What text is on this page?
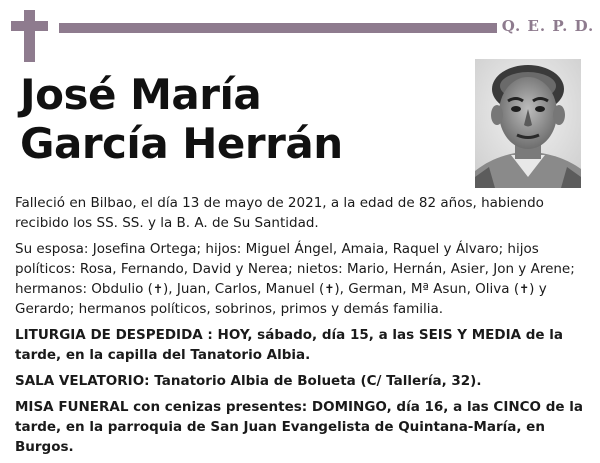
Q. E. P. D.
José María
García Herrán

Falleció en Bilbao, el día 13 de mayo de 2021, a la edad de 82 años, habiendo recibido los SS. SS. y la B. A. de Su Santidad.

Su esposa: Josefina Ortega; hijos: Miguel Ángel, Amaia, Raquel y Álvaro; hijos políticos: Rosa, Fernando, David y Nerea; nietos: Mario, Hernán, Asier, Jon y Arene; hermanos: Obdulio (✝), Juan, Carlos, Manuel (✝), German, Mª Asun, Oliva (✝) y Gerardo; hermanos políticos, sobrinos, primos y demás familia.

LITURGIA DE DESPEDIDA : HOY, sábado, día 15, a las SEIS Y MEDIA de la tarde, en la capilla del Tanatorio Albia.

SALA VELATORIO: Tanatorio Albia de Bolueta (C/ Tallería, 32).

MISA FUNERAL con cenizas presentes: DOMINGO, día 16, a las CINCO de la tarde, en la parroquia de San Juan Evangelista de Quintana-María, en Burgos.
